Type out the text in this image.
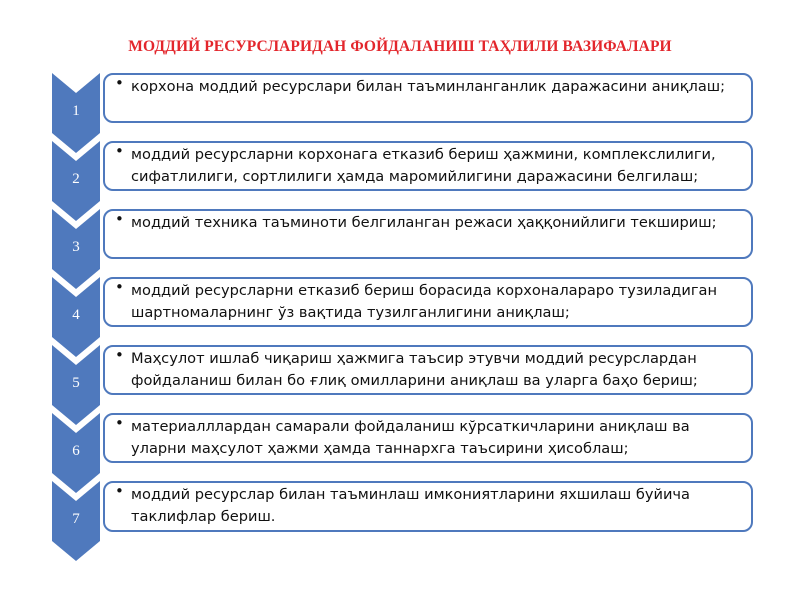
МОДДИЙ РЕСУРСЛАРИДАН ФОЙДАЛАНИШ ТАҲЛИЛИ ВАЗИФАЛАРИ
1
• корхона моддий ресурслари билан таъминланганлик даражасини аниқлаш;
2
• моддий ресурсларни корхонага етказиб бериш ҳажмини, комплекслилиги, сифатлилиги, сортлилиги ҳамда маромийлигини даражасини белгилаш;
3
• моддий техника таъминоти белгиланган режаси ҳаққонийлиги текшириш;
4
• моддий ресурсларни етказиб бериш борасида корхоналараро тузиладиган шартномаларнинг ўз вақтида тузилганлигини аниқлаш;
5
• Маҳсулот ишлаб чиқариш ҳажмига таъсир этувчи моддий ресурслардан фойдаланиш билан бо ғлиқ омилларини аниқлаш ва уларга баҳо бериш;
6
• материалллардан самарали фойдаланиш кўрсаткичларини аниқлаш ва уларни маҳсулот ҳажми ҳамда таннархга таъсирини ҳисоблаш;
7
• моддий ресурслар билан таъминлаш имкониятларини яхшилаш буйича таклифлар бериш.
